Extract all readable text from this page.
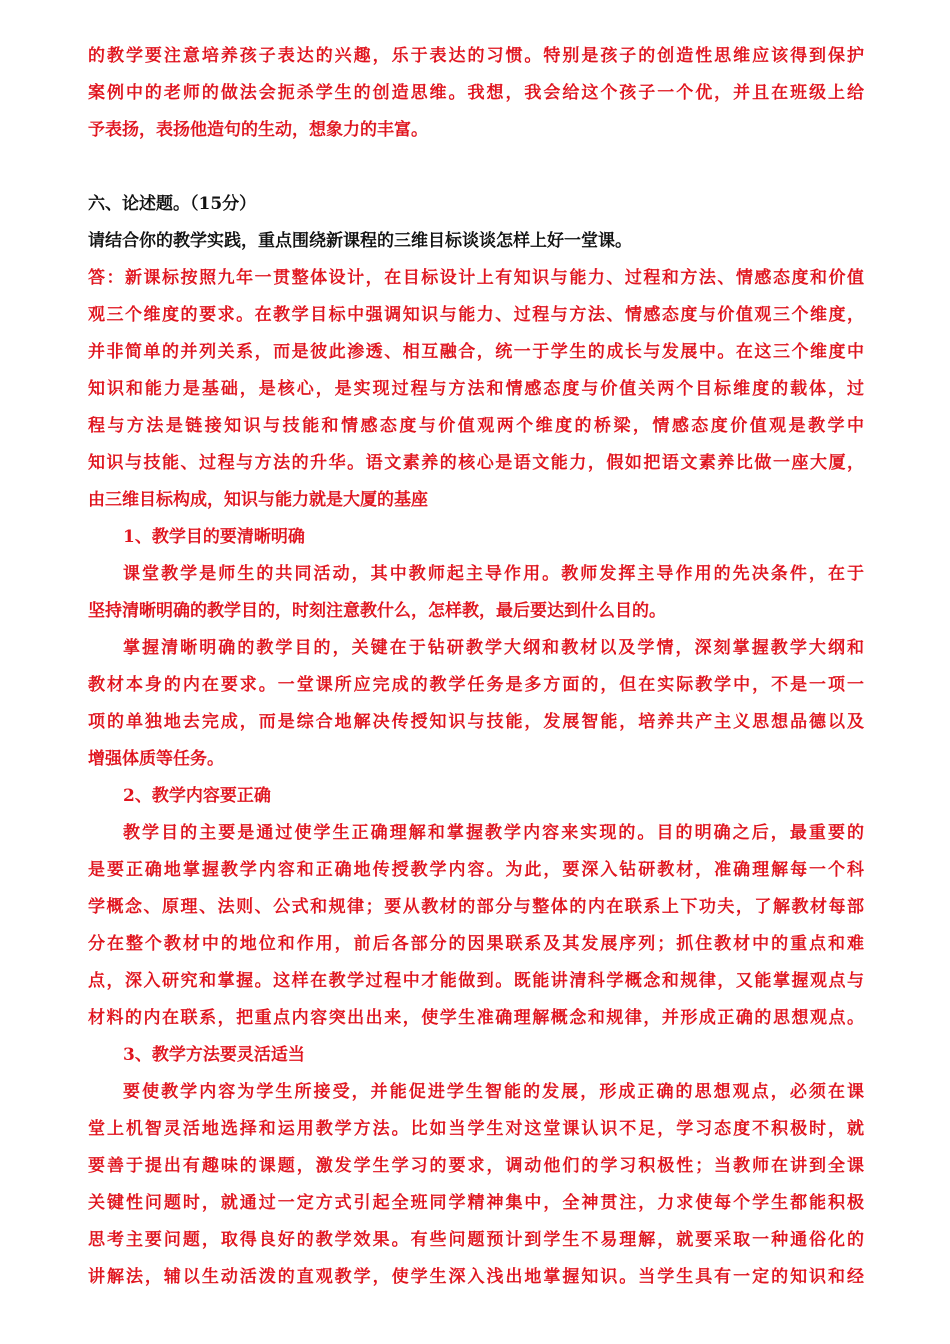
的教学要注意培养孩子表达的兴趣，乐于表达的习惯。特别是孩子的创造性思维应该得到保护
案例中的老师的做法会扼杀学生的创造思维。我想，我会给这个孩子一个优，并且在班级上给
予表扬，表扬他造句的生动，想象力的丰富。
六、论述题。（15分）
请结合你的教学实践，重点围绕新课程的三维目标谈谈怎样上好一堂课。
答：新课标按照九年一贯整体设计，在目标设计上有知识与能力、过程和方法、情感态度和价值
观三个维度的要求。在教学目标中强调知识与能力、过程与方法、情感态度与价值观三个维度，
并非简单的并列关系，而是彼此渗透、相互融合，统一于学生的成长与发展中。在这三个维度中
知识和能力是基础，是核心，是实现过程与方法和情感态度与价值关两个目标维度的载体，过
程与方法是链接知识与技能和情感态度与价值观两个维度的桥梁，情感态度价值观是教学中
知识与技能、过程与方法的升华。语文素养的核心是语文能力，假如把语文素养比做一座大厦，
由三维目标构成，知识与能力就是大厦的基座
1、教学目的要清晰明确
课堂教学是师生的共同活动，其中教师起主导作用。教师发挥主导作用的先决条件，在于
坚持清晰明确的教学目的，时刻注意教什么，怎样教，最后要达到什么目的。
掌握清晰明确的教学目的，关键在于钻研教学大纲和教材以及学情，深刻掌握教学大纲和
教材本身的内在要求。一堂课所应完成的教学任务是多方面的，但在实际教学中，不是一项一
项的单独地去完成，而是综合地解决传授知识与技能，发展智能，培养共产主义思想品德以及
增强体质等任务。
2、教学内容要正确
教学目的主要是通过使学生正确理解和掌握教学内容来实现的。目的明确之后，最重要的
是要正确地掌握教学内容和正确地传授教学内容。为此，要深入钻研教材，准确理解每一个科
学概念、原理、法则、公式和规律；要从教材的部分与整体的内在联系上下功夫，了解教材每部
分在整个教材中的地位和作用，前后各部分的因果联系及其发展序列；抓住教材中的重点和难
点，深入研究和掌握。这样在教学过程中才能做到。既能讲清科学概念和规律，又能掌握观点与
材料的内在联系，把重点内容突出出来，使学生准确理解概念和规律，并形成正确的思想观点。
3、教学方法要灵活适当
要使教学内容为学生所接受，并能促进学生智能的发展，形成正确的思想观点，必须在课
堂上机智灵活地选择和运用教学方法。比如当学生对这堂课认识不足，学习态度不积极时，就
要善于提出有趣味的课题，激发学生学习的要求，调动他们的学习积极性；当教师在讲到全课
关键性问题时，就通过一定方式引起全班同学精神集中，全神贯注，力求使每个学生都能积极
思考主要问题，取得良好的教学效果。有些问题预计到学生不易理解，就要采取一种通俗化的
讲解法，辅以生动活泼的直观教学，使学生深入浅出地掌握知识。当学生具有一定的知识和经
